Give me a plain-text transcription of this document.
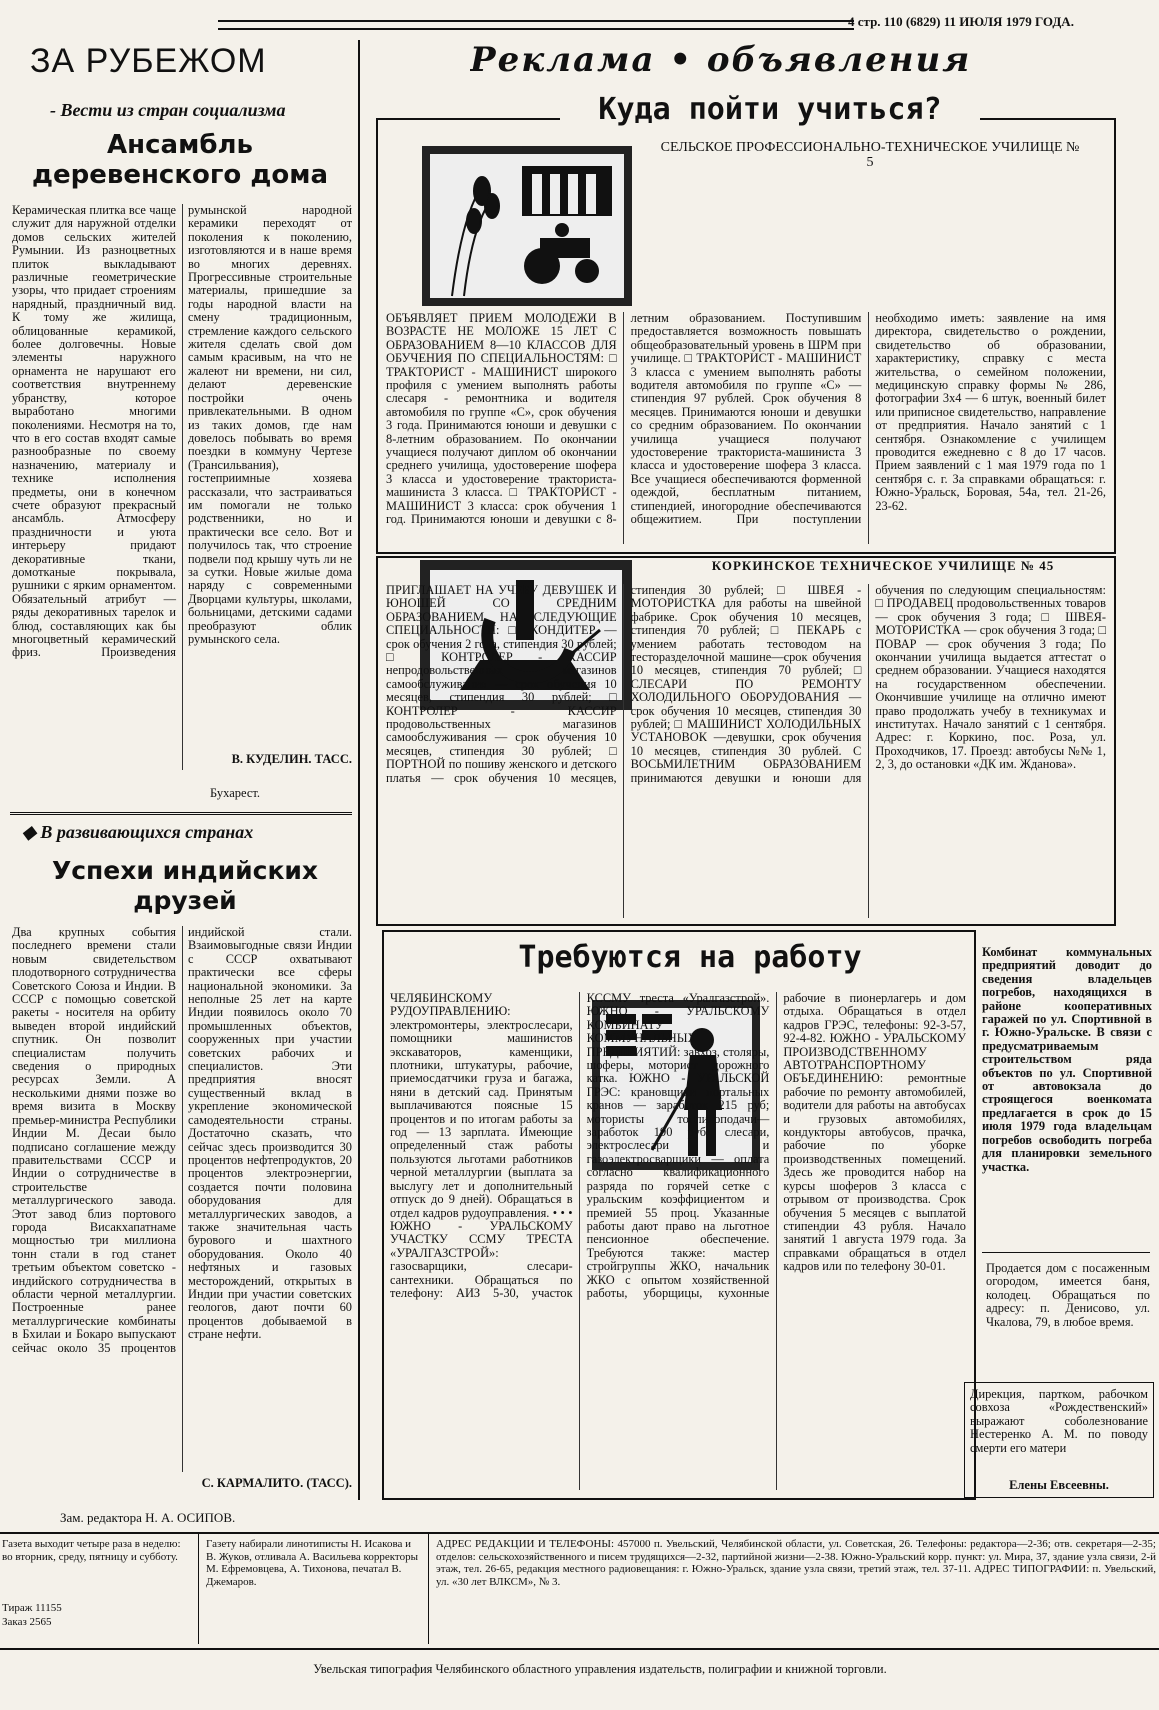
4 стр. 110 (6829) 11 ИЮЛЯ 1979 ГОДА.
ЗА РУБЕЖОМ	Реклама • объявления
- Вести из стран социализма
Ансамбль деревенского дома
Керамическая плитка все чаще служит для наружной отделки домов сельских жителей Румынии. Из разноцветных плиток выкладывают различные геометрические узоры, что придает строениям нарядный, праздничный вид. К тому же жилища, облицованные керамикой, более долговечны. Новые элементы наружного орнамента не нарушают его соответствия внутреннему убранству, которое выработано многими поколениями. Несмотря на то, что в его состав входят самые разнообразные по своему назначению, материалу и технике исполнения предметы, они в конечном счете образуют прекрасный ансамбль. Атмосферу праздничности и уюта интерьеру придают декоративные ткани, домотканые покрывала, рушники с ярким орнаментом. Обязательный атрибут — ряды декоративных тарелок и блюд, составляющих как бы многоцветный керамический фриз. Произведения румынской народной керамики переходят от поколения к поколению, изготовляются и в наше время во многих деревнях. Прогрессивные строительные материалы, пришедшие за годы народной власти на смену традиционным, стремление каждого сельского жителя сделать свой дом самым красивым, на что не жалеют ни времени, ни сил, делают деревенские постройки очень привлекательными. В одном из таких домов, где нам довелось побывать во время поездки в коммуну Чертезе (Трансильвания), гостеприимные хозяева рассказали, что застраиваться им помогали не только родственники, но и практически все село. Вот и получилось так, что строение подвели под крышу чуть ли не за сутки. Новые жилые дома наряду с современными Дворцами культуры, школами, больницами, детскими садами преобразуют облик румынского села.
В. КУДЕЛИН. ТАСС.
Бухарест.
◆ В развивающихся странах
Успехи индийских друзей
Два крупных события последнего времени стали новым свидетельством плодотворного сотрудничества Советского Союза и Индии. В СССР с помощью советской ракеты - носителя на орбиту выведен второй индийский спутник. Он позволит специалистам получить сведения о природных ресурсах Земли. А несколькими днями позже во время визита в Москву премьер-министра Республики Индии М. Десаи было подписано соглашение между правительствами СССР и Индии о сотрудничестве в строительстве металлургического завода. Этот завод близ портового города Висакхапатнаме мощностью три миллиона тонн стали в год станет третьим объектом советско - индийского сотрудничества в области черной металлургии. Построенные ранее металлургические комбинаты в Бхилаи и Бокаро выпускают сейчас около 35 процентов индийской стали. Взаимовыгодные связи Индии с СССР охватывают практически все сферы национальной экономики. За неполные 25 лет на карте Индии появилось около 70 промышленных объектов, сооруженных при участии советских рабочих и специалистов. Эти предприятия вносят существенный вклад в укрепление экономической самодеятельности страны. Достаточно сказать, что сейчас здесь производится 30 процентов нефтепродуктов, 20 процентов электроэнергии, создается почти половина оборудования для металлургических заводов, а также значительная часть бурового и шахтного оборудования. Около 40 нефтяных и газовых месторождений, открытых в Индии при участии советских геологов, дают почти 60 процентов добываемой в стране нефти.
С. КАРМАЛИТО. (ТАСС).
Куда пойти учиться?
СЕЛЬСКОЕ ПРОФЕССИОНАЛЬНО-ТЕХНИЧЕСКОЕ УЧИЛИЩЕ № 5
ОБЪЯВЛЯЕТ ПРИЕМ МОЛОДЕЖИ В ВОЗРАСТЕ НЕ МОЛОЖЕ 15 ЛЕТ С ОБРАЗОВАНИЕМ 8—10 КЛАССОВ ДЛЯ ОБУЧЕНИЯ ПО СПЕЦИАЛЬНОСТЯМ: □ ТРАКТОРИСТ - МАШИНИСТ широкого профиля с умением выполнять работы слесаря - ремонтника и водителя автомобиля по группе «С», срок обучения 3 года. Принимаются юноши и девушки с 8-летним образованием. По окончании учащиеся получают диплом об окончании среднего училища, удостоверение шофера 3 класса и удостоверение тракториста-машиниста 3 класса. □ ТРАКТОРИСТ - МАШИНИСТ 3 класса: срок обучения 1 год. Принимаются юноши и девушки с 8-летним образованием. Поступившим предоставляется возможность повышать общеобразовательный уровень в ШРМ при училище. □ ТРАКТОРИСТ - МАШИНИСТ 3 класса с умением выполнять работы водителя автомобиля по группе «С» — стипендия 97 рублей. Срок обучения 8 месяцев. Принимаются юноши и девушки со средним образованием. По окончании училища учащиеся получают удостоверение тракториста-машиниста 3 класса и удостоверение шофера 3 класса. Все учащиеся обеспечиваются форменной одеждой, бесплатным питанием, стипендией, иногородние обеспечиваются общежитием. При поступлении необходимо иметь: заявление на имя директора, свидетельство о рождении, свидетельство об образовании, характеристику, справку с места жительства, о семейном положении, медицинскую справку формы № 286, фотографии 3х4 — 6 штук, военный билет или приписное свидетельство, направление от предприятия. Начало занятий с 1 сентября. Ознакомление с училищем проводится ежедневно с 8 до 17 часов. Прием заявлений с 1 мая 1979 года по 1 сентября с. г. За справками обращаться: г. Южно-Уральск, Боровая, 54а, тел. 21-26, 23-62.
КОРКИНСКОЕ ТЕХНИЧЕСКОЕ УЧИЛИЩЕ № 45
ПРИГЛАШАЕТ НА УЧЕБУ ДЕВУШЕК И ЮНОШЕЙ СО СРЕДНИМ ОБРАЗОВАНИЕМ НА СЛЕДУЮЩИЕ СПЕЦИАЛЬНОСТИ: □ КОНДИТЕР — срок обучения 2 года, стипендия 30 рублей; □ КОНТРОЛЕР - КАССИР непродовольственных магазинов самообслуживания — срок обучения 10 месяцев, стипендия 30 рублей; □ КОНТРОЛЕР - КАССИР продовольственных магазинов самообслуживания — срок обучения 10 месяцев, стипендия 30 рублей; □ ПОРТНОЙ по пошиву женского и детского платья — срок обучения 10 месяцев, стипендия 30 рублей; □ ШВЕЯ - МОТОРИСТКА для работы на швейной фабрике. Срок обучения 10 месяцев, стипендия 70 рублей; □ ПЕКАРЬ с умением работать тестоводом на тесторазделочной машине—срок обучения 10 месяцев, стипендия 70 рублей; □ СЛЕСАРИ ПО РЕМОНТУ ХОЛОДИЛЬНОГО ОБОРУДОВАНИЯ — срок обучения 10 месяцев, стипендия 30 рублей; □ МАШИНИСТ ХОЛОДИЛЬНЫХ УСТАНОВОК —девушки, срок обучения 10 месяцев, стипендия 30 рублей. С ВОСЬМИЛЕТНИМ ОБРАЗОВАНИЕМ принимаются девушки и юноши для обучения по следующим специальностям: □ ПРОДАВЕЦ продовольственных товаров — срок обучения 3 года; □ ШВЕЯ-МОТОРИСТКА — срок обучения 3 года; □ ПОВАР — срок обучения 3 года; По окончании училища выдается аттестат о среднем образовании. Учащиеся находятся на государственном обеспечении. Окончившие училище на отлично имеют право продолжать учебу в техникумах и институтах. Начало занятий с 1 сентября. Адрес: г. Коркино, пос. Роза, ул. Проходчиков, 17. Проезд: автобусы №№ 1, 2, 3, до остановки «ДК им. Жданова».
Требуются на работу
ЧЕЛЯБИНСКОМУ РУДОУПРАВЛЕНИЮ: электромонтеры, электрослесари, помощники машинистов экскаваторов, каменщики, плотники, штукатуры, рабочие, приемосдатчики груза и багажа, няни в детский сад. Принятым выплачиваются поясные 15 процентов и по итогам работы за год — 13 зарплата. Имеющие определенный стаж работы пользуются льготами работников черной металлургии (выплата за выслугу лет и дополнительный отпуск до 9 дней). Обращаться в отдел кадров рудоуправления. • • • ЮЖНО - УРАЛЬСКОМУ УЧАСТКУ ССМУ ТРЕСТА «УРАЛГАЗСТРОЙ»: газосварщики, слесари-сантехники. Обращаться по телефону: АИЗ 5-30, участок КССМУ треста «Уралгазстрой». ЮЖНО - УРАЛЬСКОМУ КОМБИНАТУ КОММУНАЛЬНЫХ ПРЕДПРИЯТИЙ: завхоз, столяры, шоферы, моторист дорожного катка. ЮЖНО - УРАЛЬСКОЙ ГРЭС: крановщики портальных кранов — заработок 215 руб; мотористы топливоподачи—заработок 190 руб; слесари, электрослесари и газоэлектросварщики — оплата согласно квалификационного разряда по горячей сетке с уральским коэффициентом и премией 55 проц. Указанные работы дают право на льготное пенсионное обеспечение. Требуются также: мастер стройгруппы ЖКО, начальник ЖКО с опытом хозяйственной работы, уборщицы, кухонные рабочие в пионерлагерь и дом отдыха. Обращаться в отдел кадров ГРЭС, телефоны: 92-3-57, 92-4-82. ЮЖНО - УРАЛЬСКОМУ ПРОИЗВОДСТВЕННОМУ АВТОТРАНСПОРТНОМУ ОБЪЕДИНЕНИЮ: ремонтные рабочие по ремонту автомобилей, водители для работы на автобусах и грузовых автомобилях, кондукторы автобусов, прачка, рабочие по уборке производственных помещений. Здесь же проводится набор на курсы шоферов 3 класса с отрывом от производства. Срок обучения 5 месяцев с выплатой стипендии 43 рубля. Начало занятий 1 августа 1979 года. За справками обращаться в отдел кадров или по телефону 30-01.
Комбинат коммунальных предприятий доводит до сведения владельцев погребов, находящихся в районе кооперативных гаражей по ул. Спортивной в г. Южно-Уральске. В связи с предусматриваемым строительством ряда объектов по ул. Спортивной от автовокзала до строящегося военкомата предлагается в срок до 15 июля 1979 года владельцам погребов освободить погреба для планировки земельного участка.
Продается дом с посаженным огородом, имеется баня, колодец. Обращаться по адресу: п. Денисово, ул. Чкалова, 79, в любое время.
Дирекция, партком, рабочком совхоза «Рождественский» выражают соболезнование Нестеренко А. М. по поводу смерти его матери
Елены Евсеевны.
Зам. редактора Н. А. ОСИПОВ.
Газета выходит четыре раза в неделю: во вторник, среду, пятницу и субботу.
Тираж 11155
Заказ 2565
Газету набирали линотиписты Н. Исакова и В. Жуков, отливала А. Васильева корректоры М. Ефремовцева, А. Тихонова, печатал В. Джемаров.
АДРЕС РЕДАКЦИИ И ТЕЛЕФОНЫ: 457000 п. Увельский, Челябинской области, ул. Советская, 26. Телефоны: редактора—2-36; отв. секретаря—2-35; отделов: сельскохозяйственного и писем трудящихся—2-32, партийной жизни—2-38. Южно-Уральский корр. пункт: ул. Мира, 37, здание узла связи, 2-й этаж, тел. 26-65, редакция местного радиовещания: г. Южно-Уральск, здание узла связи, третий этаж, тел. 37-11. АДРЕС ТИПОГРАФИИ: п. Увельский, ул. «30 лет ВЛКСМ», № 3.
Увельская типография Челябинского областного управления издательств, полиграфии и книжной торговли.
